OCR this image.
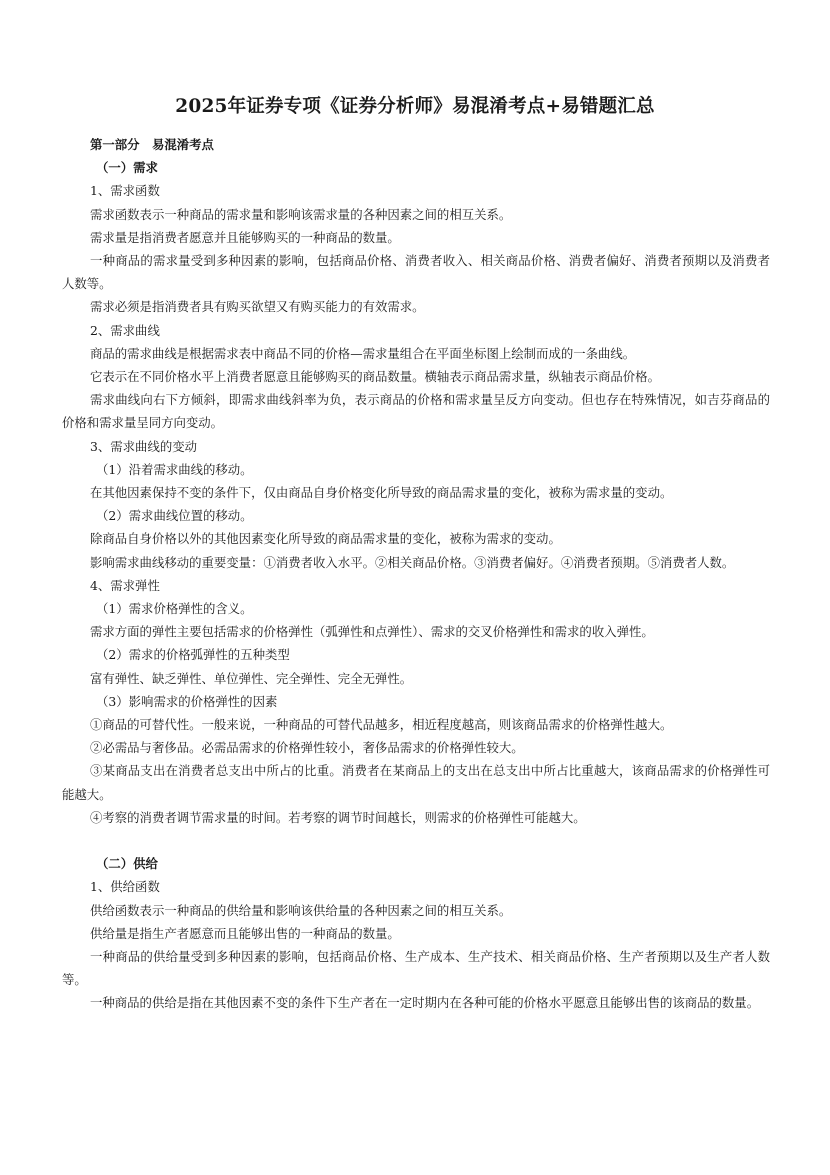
2025年证券专项《证券分析师》易混淆考点+易错题汇总

第一部分　易混淆考点

（一）需求

1、需求函数

需求函数表示一种商品的需求量和影响该需求量的各种因素之间的相互关系。

需求量是指消费者愿意并且能够购买的一种商品的数量。

一种商品的需求量受到多种因素的影响，包括商品价格、消费者收入、相关商品价格、消费者偏好、消费者预期以及消费者人数等。

需求必须是指消费者具有购买欲望又有购买能力的有效需求。

2、需求曲线

商品的需求曲线是根据需求表中商品不同的价格—需求量组合在平面坐标图上绘制而成的一条曲线。

它表示在不同价格水平上消费者愿意且能够购买的商品数量。横轴表示商品需求量，纵轴表示商品价格。

需求曲线向右下方倾斜，即需求曲线斜率为负，表示商品的价格和需求量呈反方向变动。但也存在特殊情况，如吉芬商品的价格和需求量呈同方向变动。

3、需求曲线的变动

（1）沿着需求曲线的移动。

在其他因素保持不变的条件下，仅由商品自身价格变化所导致的商品需求量的变化，被称为需求量的变动。

（2）需求曲线位置的移动。

除商品自身价格以外的其他因素变化所导致的商品需求量的变化，被称为需求的变动。

影响需求曲线移动的重要变量：①消费者收入水平。②相关商品价格。③消费者偏好。④消费者预期。⑤消费者人数。

4、需求弹性

（1）需求价格弹性的含义。

需求方面的弹性主要包括需求的价格弹性（弧弹性和点弹性）、需求的交叉价格弹性和需求的收入弹性。

（2）需求的价格弧弹性的五种类型

富有弹性、缺乏弹性、单位弹性、完全弹性、完全无弹性。

（3）影响需求的价格弹性的因素

①商品的可替代性。一般来说，一种商品的可替代品越多，相近程度越高，则该商品需求的价格弹性越大。

②必需品与奢侈品。必需品需求的价格弹性较小，奢侈品需求的价格弹性较大。

③某商品支出在消费者总支出中所占的比重。消费者在某商品上的支出在总支出中所占比重越大，该商品需求的价格弹性可能越大。

④考察的消费者调节需求量的时间。若考察的调节时间越长，则需求的价格弹性可能越大。

（二）供给

1、供给函数

供给函数表示一种商品的供给量和影响该供给量的各种因素之间的相互关系。

供给量是指生产者愿意而且能够出售的一种商品的数量。

一种商品的供给量受到多种因素的影响，包括商品价格、生产成本、生产技术、相关商品价格、生产者预期以及生产者人数等。

一种商品的供给是指在其他因素不变的条件下生产者在一定时期内在各种可能的价格水平愿意且能够出售的该商品的数量。
